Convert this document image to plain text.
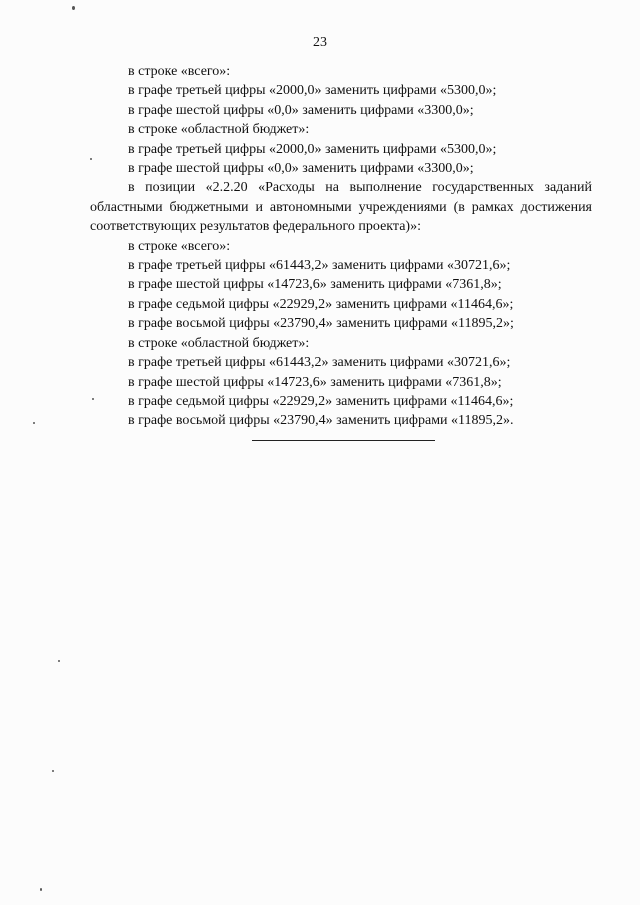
23
в строке «всего»:
в графе третьей цифры «2000,0» заменить цифрами «5300,0»;
в графе шестой цифры «0,0» заменить цифрами «3300,0»;
в строке «областной бюджет»:
в графе третьей цифры «2000,0» заменить цифрами «5300,0»;
в графе шестой цифры «0,0» заменить цифрами «3300,0»;
в позиции «2.2.20 «Расходы на выполнение государственных заданий областными бюджетными и автономными учреждениями (в рамках достижения соответствующих результатов федерального проекта)»:
в строке «всего»:
в графе третьей цифры «61443,2» заменить цифрами «30721,6»;
в графе шестой цифры «14723,6» заменить цифрами «7361,8»;
в графе седьмой цифры «22929,2» заменить цифрами «11464,6»;
в графе восьмой цифры «23790,4» заменить цифрами «11895,2»;
в строке «областной бюджет»:
в графе третьей цифры «61443,2» заменить цифрами «30721,6»;
в графе шестой цифры «14723,6» заменить цифрами «7361,8»;
в графе седьмой цифры «22929,2» заменить цифрами «11464,6»;
в графе восьмой цифры «23790,4» заменить цифрами «11895,2».
